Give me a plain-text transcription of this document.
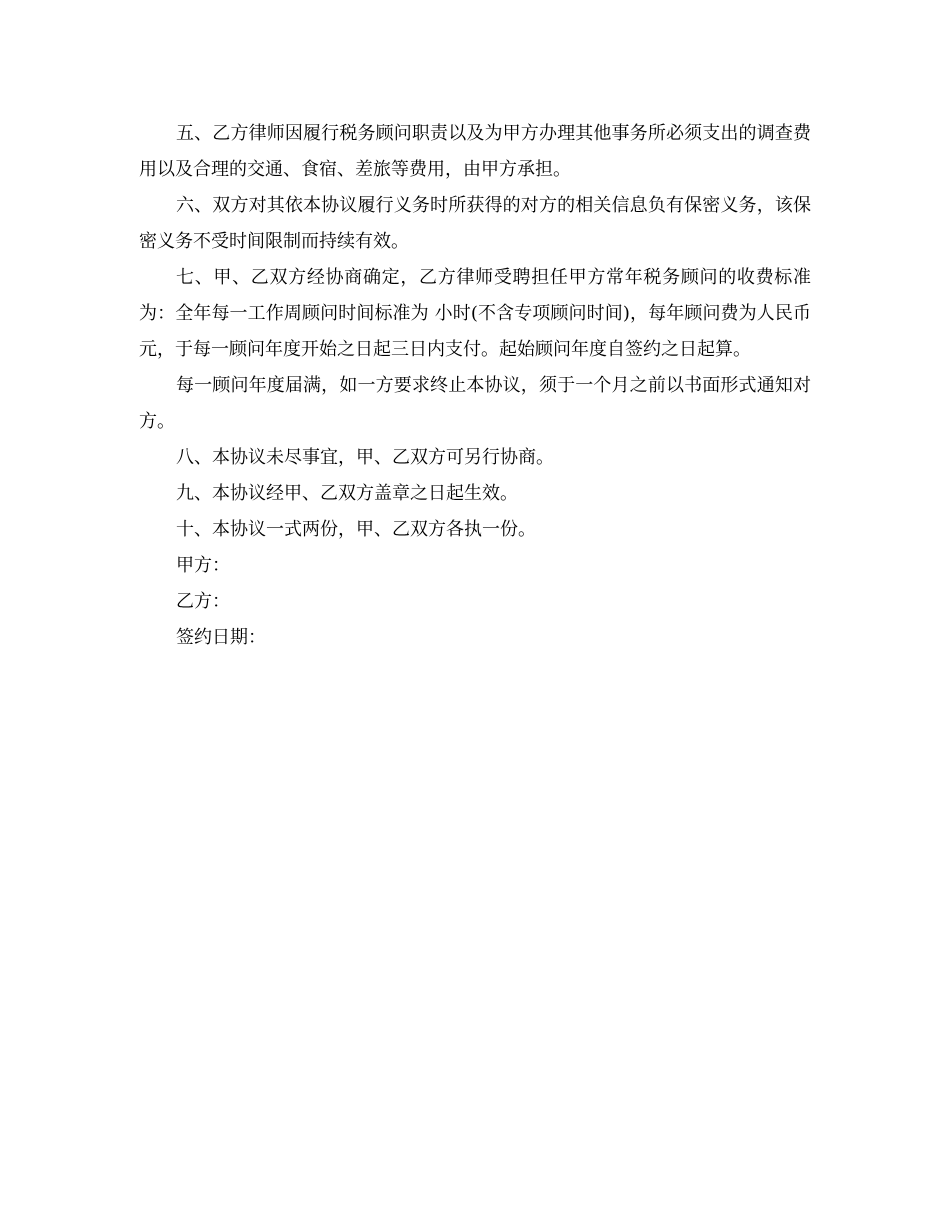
五、乙方律师因履行税务顾问职责以及为甲方办理其他事务所必须支出的调查费用以及合理的交通、食宿、差旅等费用，由甲方承担。

六、双方对其依本协议履行义务时所获得的对方的相关信息负有保密义务，该保密义务不受时间限制而持续有效。

七、甲、乙双方经协商确定，乙方律师受聘担任甲方常年税务顾问的收费标准为：全年每一工作周顾问时间标准为 小时(不含专项顾问时间)，每年顾问费为人民币 元，于每一顾问年度开始之日起三日内支付。起始顾问年度自签约之日起算。

每一顾问年度届满，如一方要求终止本协议，须于一个月之前以书面形式通知对方。

八、本协议未尽事宜，甲、乙双方可另行协商。

九、本协议经甲、乙双方盖章之日起生效。

十、本协议一式两份，甲、乙双方各执一份。

甲方：

乙方：

签约日期：
